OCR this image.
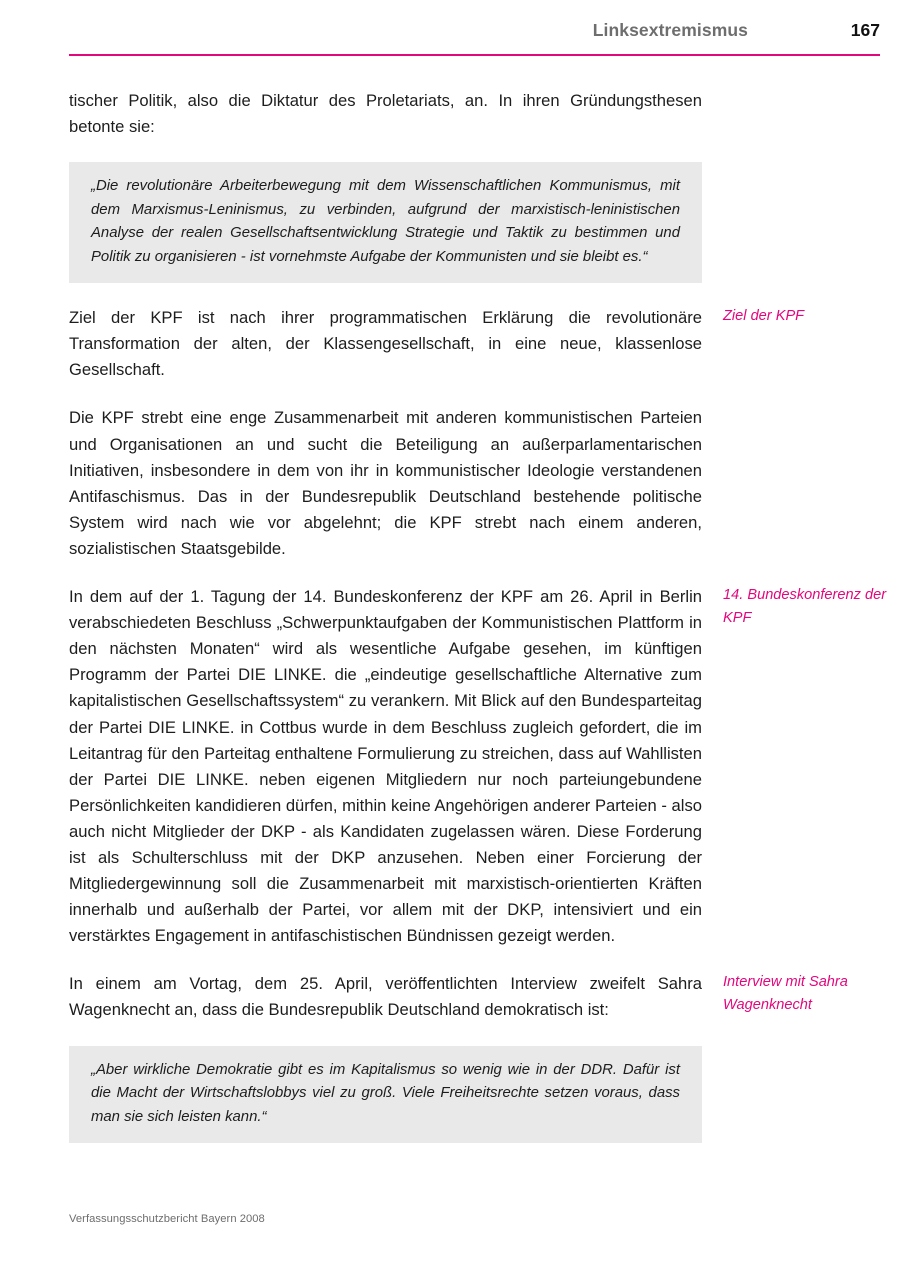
Linksextremismus	167

tischer Politik, also die Diktatur des Proletariats, an. In ihren Gründungsthesen betonte sie:

„Die revolutionäre Arbeiterbewegung mit dem Wissenschaftlichen Kommunismus, mit dem Marxismus-Leninismus, zu verbinden, aufgrund der marxistisch-leninistischen Analyse der realen Gesellschaftsentwicklung Strategie und Taktik zu bestimmen und Politik zu organisieren - ist vornehmste Aufgabe der Kommunisten und sie bleibt es.“

Ziel der KPF ist nach ihrer programmatischen Erklärung die revolutionäre Transformation der alten, der Klassengesellschaft, in eine neue, klassenlose Gesellschaft.

Ziel der KPF

Die KPF strebt eine enge Zusammenarbeit mit anderen kommunistischen Parteien und Organisationen an und sucht die Beteiligung an außerparlamentarischen Initiativen, insbesondere in dem von ihr in kommunistischer Ideologie verstandenen Antifaschismus. Das in der Bundesrepublik Deutschland bestehende politische System wird nach wie vor abgelehnt; die KPF strebt nach einem anderen, sozialistischen Staatsgebilde.

In dem auf der 1. Tagung der 14. Bundeskonferenz der KPF am 26. April in Berlin verabschiedeten Beschluss „Schwerpunktaufgaben der Kommunistischen Plattform in den nächsten Monaten“ wird als wesentliche Aufgabe gesehen, im künftigen Programm der Partei DIE LINKE. die „eindeutige gesellschaftliche Alternative zum kapitalistischen Gesellschaftssystem“ zu verankern. Mit Blick auf den Bundesparteitag der Partei DIE LINKE. in Cottbus wurde in dem Beschluss zugleich gefordert, die im Leitantrag für den Parteitag enthaltene Formulierung zu streichen, dass auf Wahllisten der Partei DIE LINKE. neben eigenen Mitgliedern nur noch parteiungebundene Persönlichkeiten kandidieren dürfen, mithin keine Angehörigen anderer Parteien - also auch nicht Mitglieder der DKP - als Kandidaten zugelassen wären. Diese Forderung ist als Schulterschluss mit der DKP anzusehen. Neben einer Forcierung der Mitgliedergewinnung soll die Zusammenarbeit mit marxistisch-orientierten Kräften innerhalb und außerhalb der Partei, vor allem mit der DKP, intensiviert und ein verstärktes Engagement in antifaschistischen Bündnissen gezeigt werden.

14. Bundeskonferenz der KPF

In einem am Vortag, dem 25. April, veröffentlichten Interview zweifelt Sahra Wagenknecht an, dass die Bundesrepublik Deutschland demokratisch ist:

Interview mit Sahra Wagenknecht

„Aber wirkliche Demokratie gibt es im Kapitalismus so wenig wie in der DDR. Dafür ist die Macht der Wirtschaftslobbys viel zu groß. Viele Freiheitsrechte setzen voraus, dass man sie sich leisten kann.“

Verfassungsschutzbericht Bayern 2008
